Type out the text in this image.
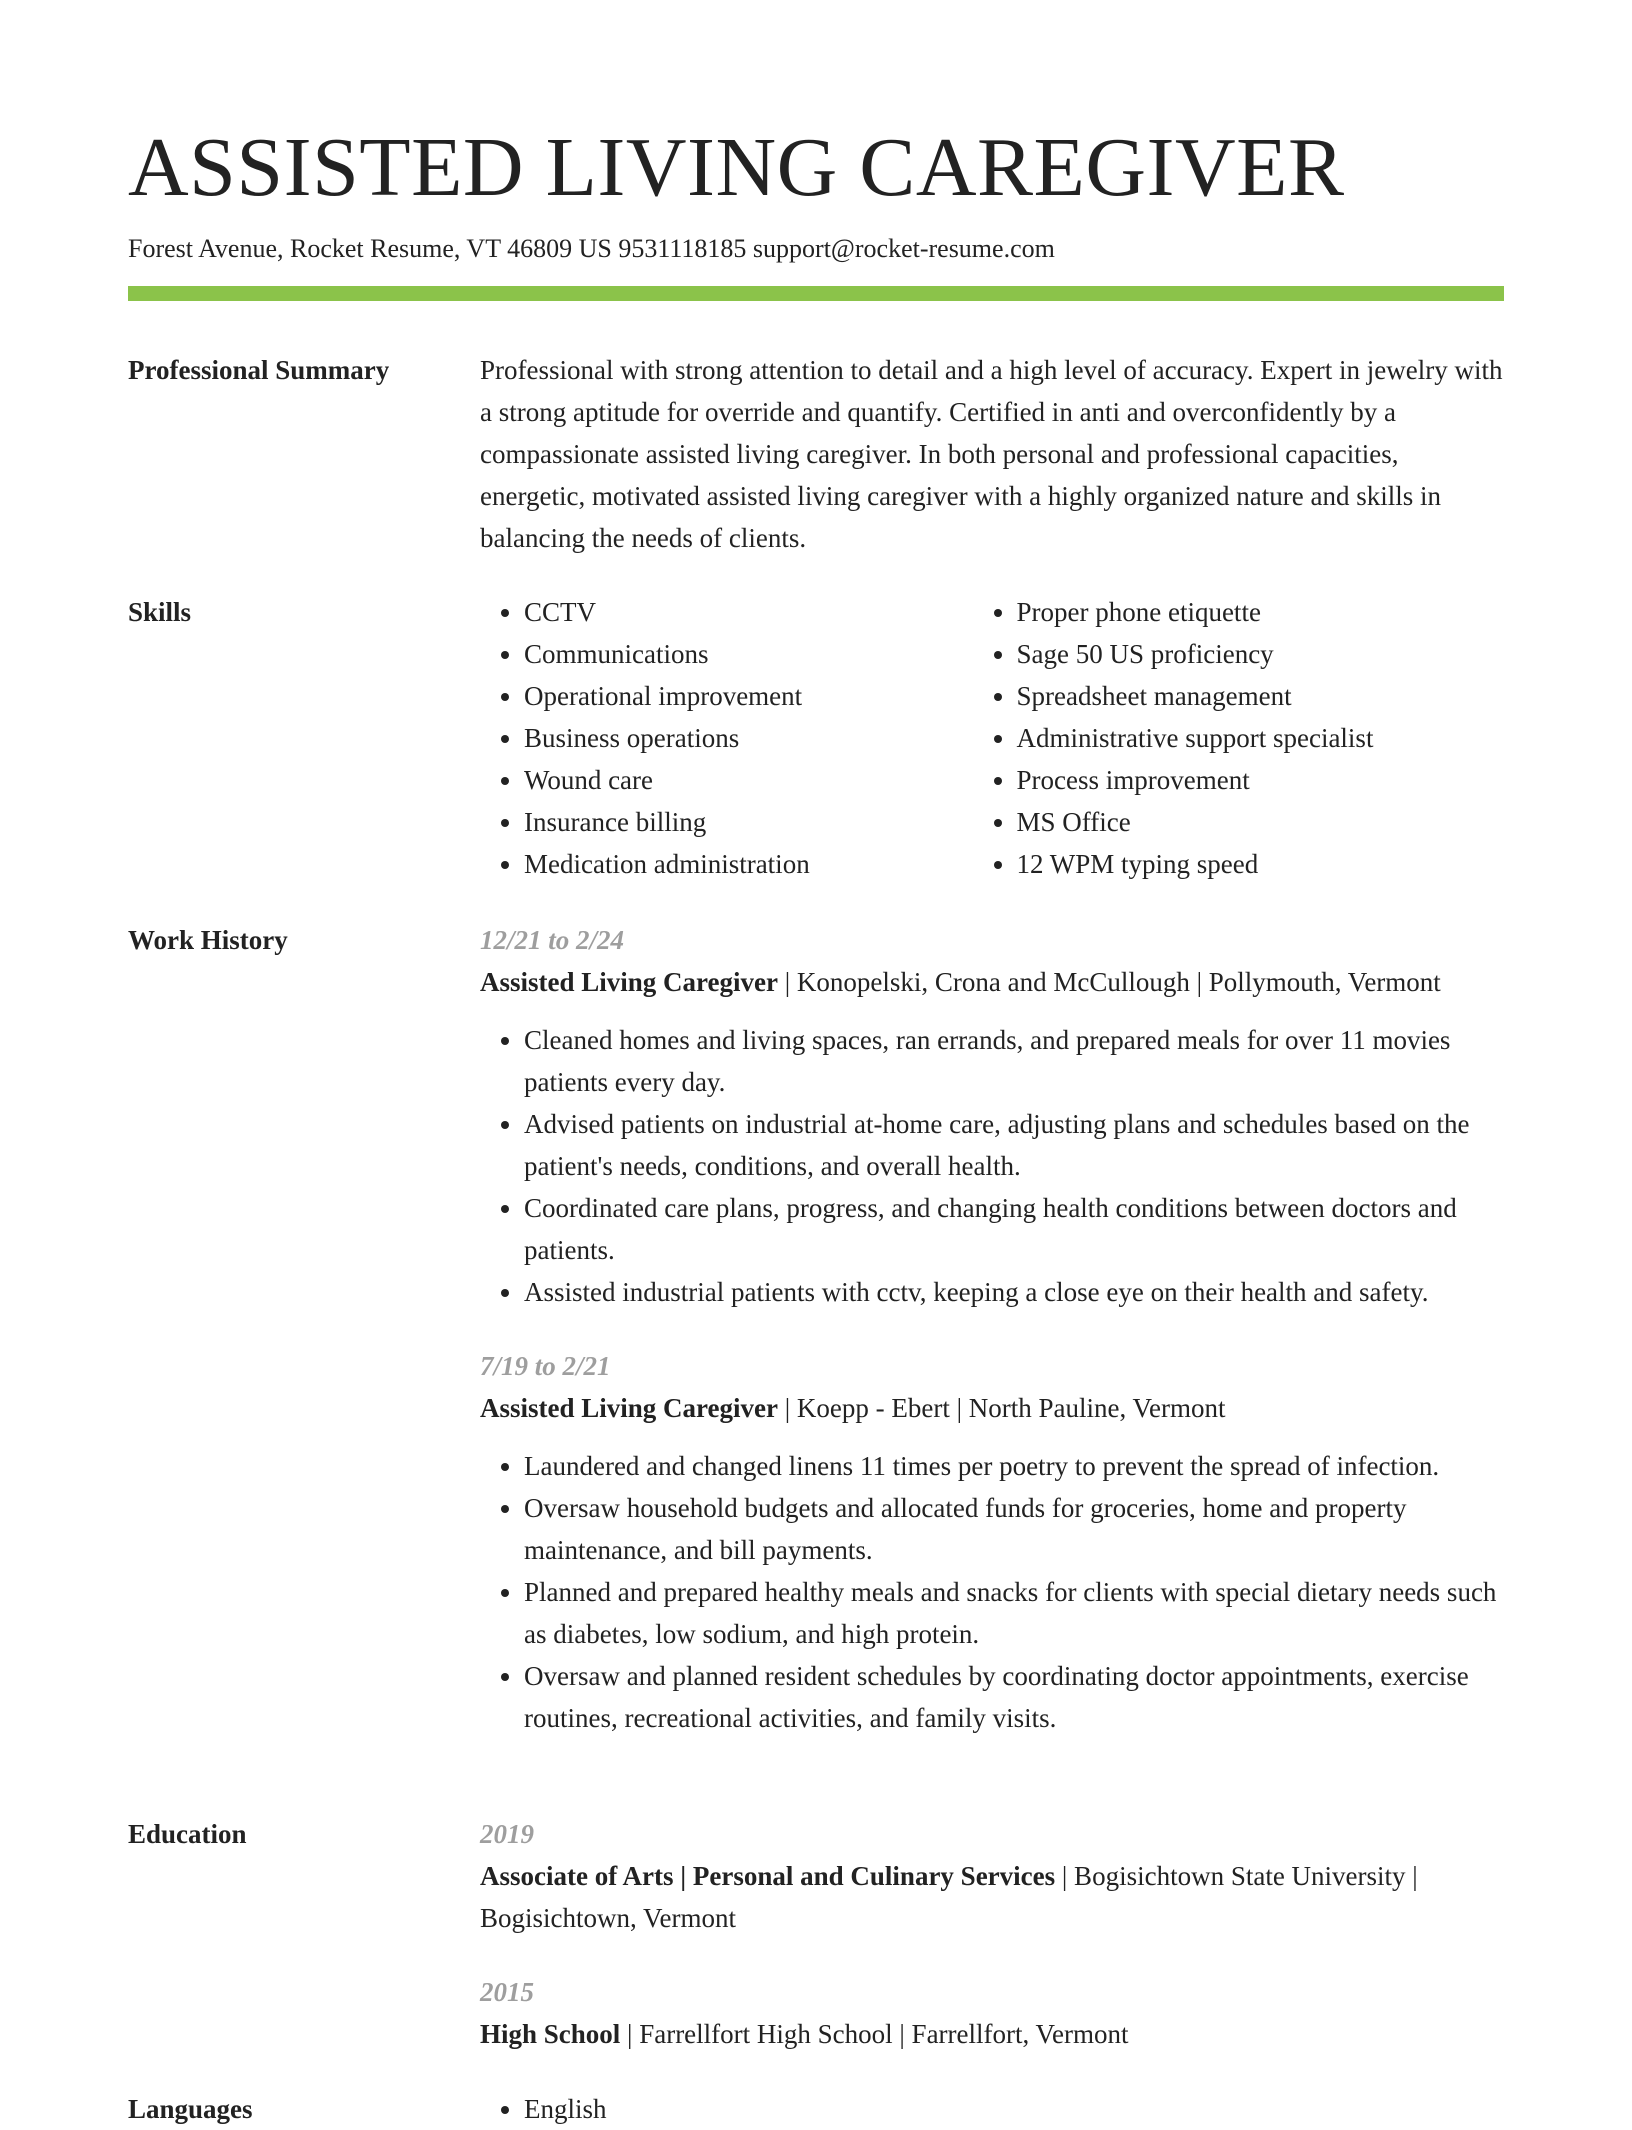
ASSISTED LIVING CAREGIVER
Forest Avenue, Rocket Resume, VT 46809 US 9531118185 support@rocket-resume.com
Professional Summary	Professional with strong attention to detail and a high level of accuracy. Expert in jewelry with a strong aptitude for override and quantify. Certified in anti and overconfidently by a compassionate assisted living caregiver. In both personal and professional capacities, energetic, motivated assisted living caregiver with a highly organized nature and skills in balancing the needs of clients.

Skills	• CCTV
• Communications
• Operational improvement
• Business operations
• Wound care
• Insurance billing
• Medication administration
• Proper phone etiquette
• Sage 50 US proficiency
• Spreadsheet management
• Administrative support specialist
• Process improvement
• MS Office
• 12 WPM typing speed
Work History	12/21 to 2/24

Assisted Living Caregiver | Konopelski, Crona and McCullough | Pollymouth, Vermont

• Cleaned homes and living spaces, ran errands, and prepared meals for over 11 movies patients every day.
• Advised patients on industrial at-home care, adjusting plans and schedules based on the patient's needs, conditions, and overall health.
• Coordinated care plans, progress, and changing health conditions between doctors and patients.
• Assisted industrial patients with cctv, keeping a close eye on their health and safety.
7/19 to 2/21

Assisted Living Caregiver | Koepp - Ebert | North Pauline, Vermont

• Laundered and changed linens 11 times per poetry to prevent the spread of infection.
• Oversaw household budgets and allocated funds for groceries, home and property maintenance, and bill payments.
• Planned and prepared healthy meals and snacks for clients with special dietary needs such as diabetes, low sodium, and high protein.
• Oversaw and planned resident schedules by coordinating doctor appointments, exercise routines, recreational activities, and family visits.
Education	2019

Associate of Arts | Personal and Culinary Services | Bogisichtown State University | Bogisichtown, Vermont

2015

High School | Farrellfort High School | Farrellfort, Vermont

Languages	• English
